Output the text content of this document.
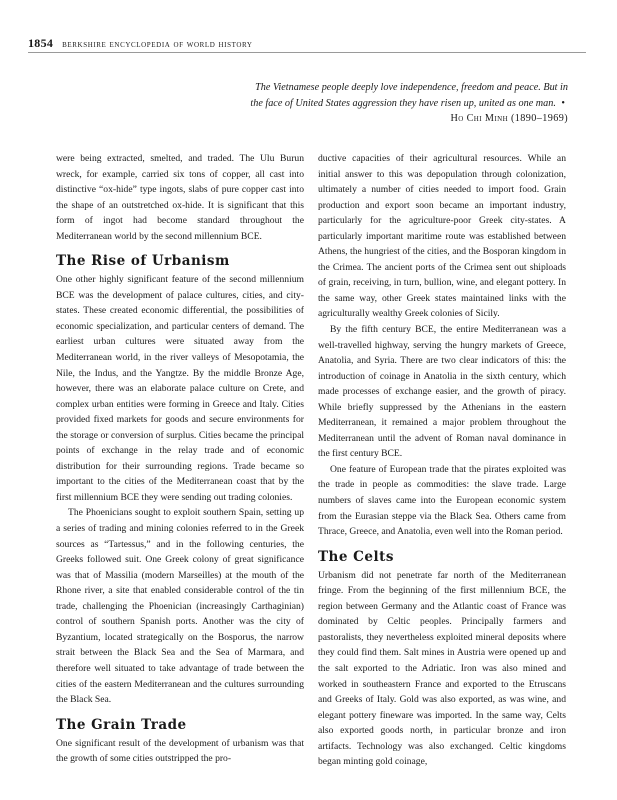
1854 berkshire encyclopedia of world history
The Vietnamese people deeply love independence, freedom and peace. But in the face of United States aggression they have risen up, united as one man. • Ho Chi Minh (1890–1969)

were being extracted, smelted, and traded. The Ulu Burun wreck, for example, carried six tons of copper, all cast into distinctive “ox-hide” type ingots, slabs of pure copper cast into the shape of an outstretched ox-hide. It is significant that this form of ingot had become standard throughout the Mediterranean world by the second millennium BCE.

The Rise of Urbanism

One other highly significant feature of the second millennium BCE was the development of palace cultures, cities, and city-states. These created economic differential, the possibilities of economic specialization, and particular centers of demand. The earliest urban cultures were situated away from the Mediterranean world, in the river valleys of Mesopotamia, the Nile, the Indus, and the Yangtze. By the middle Bronze Age, however, there was an elaborate palace culture on Crete, and complex urban entities were forming in Greece and Italy. Cities provided fixed markets for goods and secure environments for the storage or conversion of surplus. Cities became the principal points of exchange in the relay trade and of economic distribution for their surrounding regions. Trade became so important to the cities of the Mediterranean coast that by the first millennium BCE they were sending out trading colonies.

The Phoenicians sought to exploit southern Spain, setting up a series of trading and mining colonies referred to in the Greek sources as “Tartessus,” and in the following centuries, the Greeks followed suit. One Greek colony of great significance was that of Massilia (modern Marseilles) at the mouth of the Rhone river, a site that enabled considerable control of the tin trade, challenging the Phoenician (increasingly Carthaginian) control of southern Spanish ports. Another was the city of Byzantium, located strategically on the Bosporus, the narrow strait between the Black Sea and the Sea of Marmara, and therefore well situated to take advantage of trade between the cities of the eastern Mediterranean and the cultures surrounding the Black Sea.

The Grain Trade

One significant result of the development of urbanism was that the growth of some cities outstripped the pro-

ductive capacities of their agricultural resources. While an initial answer to this was depopulation through colonization, ultimately a number of cities needed to import food. Grain production and export soon became an important industry, particularly for the agriculture-poor Greek city-states. A particularly important maritime route was established between Athens, the hungriest of the cities, and the Bosporan kingdom in the Crimea. The ancient ports of the Crimea sent out shiploads of grain, receiving, in turn, bullion, wine, and elegant pottery. In the same way, other Greek states maintained links with the agriculturally wealthy Greek colonies of Sicily.

By the fifth century BCE, the entire Mediterranean was a well-travelled highway, serving the hungry markets of Greece, Anatolia, and Syria. There are two clear indicators of this: the introduction of coinage in Anatolia in the sixth century, which made processes of exchange easier, and the growth of piracy. While briefly suppressed by the Athenians in the eastern Mediterranean, it remained a major problem throughout the Mediterranean until the advent of Roman naval dominance in the first century BCE.

One feature of European trade that the pirates exploited was the trade in people as commodities: the slave trade. Large numbers of slaves came into the European economic system from the Eurasian steppe via the Black Sea. Others came from Thrace, Greece, and Anatolia, even well into the Roman period.

The Celts

Urbanism did not penetrate far north of the Mediterranean fringe. From the beginning of the first millennium BCE, the region between Germany and the Atlantic coast of France was dominated by Celtic peoples. Principally farmers and pastoralists, they nevertheless exploited mineral deposits where they could find them. Salt mines in Austria were opened up and the salt exported to the Adriatic. Iron was also mined and worked in southeastern France and exported to the Etruscans and Greeks of Italy. Gold was also exported, as was wine, and elegant pottery fineware was imported. In the same way, Celts also exported goods north, in particular bronze and iron artifacts. Technology was also exchanged. Celtic kingdoms began minting gold coinage,
